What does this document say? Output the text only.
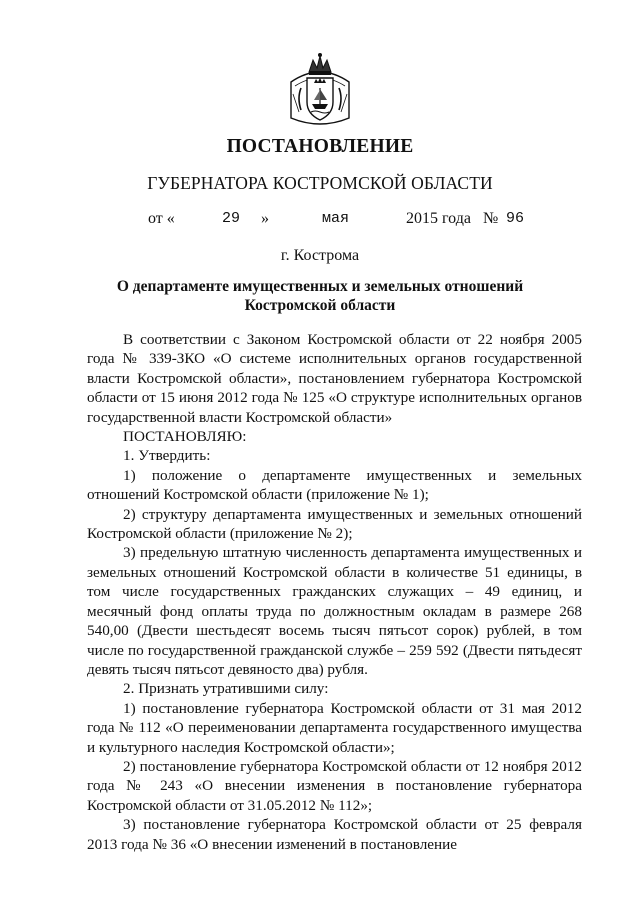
ПОСТАНОВЛЕНИЕ
ГУБЕРНАТОРА КОСТРОМСКОЙ ОБЛАСТИ
от «	29 »	мая	2015 года № 96
г. Кострома
О департаменте имущественных и земельных отношений
Костромской области

В соответствии с Законом Костромской области от 22 ноября 2005 года № 339-ЗКО «О системе исполнительных органов государственной власти Костромской области», постановлением губернатора Костромской области от 15 июня 2012 года № 125 «О структуре исполнительных органов государственной власти Костромской области»

ПОСТАНОВЛЯЮ:

1. Утвердить:

1) положение о департаменте имущественных и земельных отношений Костромской области (приложение № 1);

2) структуру департамента имущественных и земельных отношений Костромской области (приложение № 2);

3) предельную штатную численность департамента имущественных и земельных отношений Костромской области в количестве 51 единицы, в том числе государственных гражданских служащих – 49 единиц, и месячный фонд оплаты труда по должностным окладам в размере 268 540,00 (Двести шестьдесят восемь тысяч пятьсот сорок) рублей, в том числе по государственной гражданской службе – 259 592 (Двести пятьдесят девять тысяч пятьсот девяносто два) рубля.

2. Признать утратившими силу:

1) постановление губернатора Костромской области от 31 мая 2012 года № 112 «О переименовании департамента государственного имущества и культурного наследия Костромской области»;

2) постановление губернатора Костромской области от 12 ноября 2012 года № 243 «О внесении изменения в постановление губернатора Костромской области от 31.05.2012 № 112»;

3) постановление губернатора Костромской области от 25 февраля 2013 года № 36 «О внесении изменений в постановление
